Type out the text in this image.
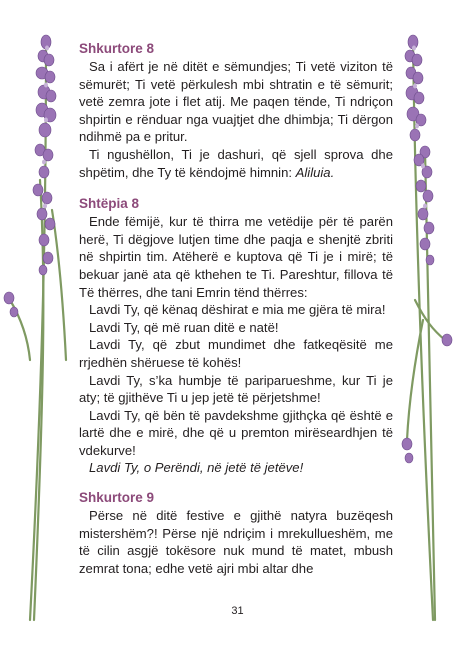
Shkurtore 8

Sa i afërt je në ditët e sëmundjes; Ti vetë viziton të sëmurët; Ti vetë përkulesh mbi shtratin e të sëmurit; vetë zemra jote i flet atij. Me paqen tënde, Ti ndriçon shpirtin e rënduar nga vuajtjet dhe dhimbja; Ti dërgon ndihmë pa e pritur.

Ti ngushëllon, Ti je dashuri, që sjell sprova dhe shpëtim, dhe Ty të këndojmë himnin: Aliluia.

Shtëpia 8

Ende fëmijë, kur të thirra me vetëdije për të parën herë, Ti dëgjove lutjen time dhe paqja e shenjtë zbriti në shpirtin tim. Atëherë e kuptova që Ti je i mirë; të bekuar janë ata që kthehen te Ti. Pareshtur, fillova të Të thërres, dhe tani Emrin tënd thërres:

Lavdi Ty, që kënaq dëshirat e mia me gjëra të mira!

Lavdi Ty, që më ruan ditë e natë!

Lavdi Ty, që zbut mundimet dhe fatkeqësitë me rrjedhën shëruese të kohës!

Lavdi Ty, s’ka humbje të pariparueshme, kur Ti je aty; të gjithëve Ti u jep jetë të përjetshme!

Lavdi Ty, që bën të pavdekshme gjithçka që është e lartë dhe e mirë, dhe që u premton mirëseardhjen të vdekurve!

Lavdi Ty, o Perëndi, në jetë të jetëve!

Shkurtore 9

Përse në ditë festive e gjithë natyra buzëqesh mistershëm?! Përse një ndriçim i mrekullueshëm, me të cilin asgjë tokësore nuk mund të matet, mbush zemrat tona; edhe vetë ajri mbi altar dhe

31
